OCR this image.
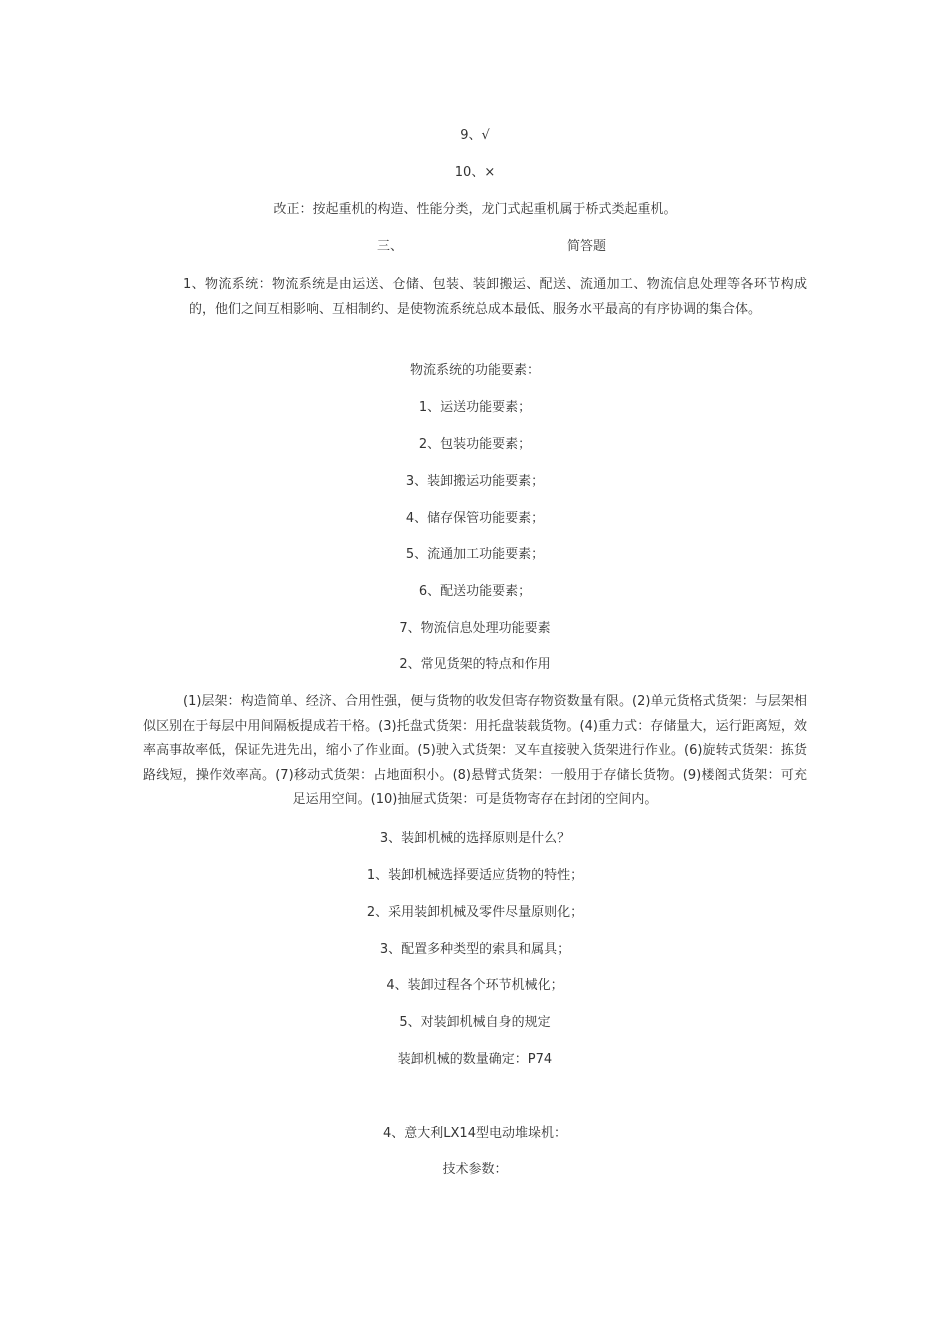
9、√
10、×
改正：按起重机的构造、性能分类，龙门式起重机属于桥式类起重机。
三、	简答题
1、物流系统：物流系统是由运送、仓储、包装、装卸搬运、配送、流通加工、物流信息处理等各环节构成的，他们之间互相影响、互相制约、是使物流系统总成本最低、服务水平最高的有序协调的集合体。
物流系统的功能要素：
1、运送功能要素；
2、包装功能要素；
3、装卸搬运功能要素；
4、储存保管功能要素；
5、流通加工功能要素；
6、配送功能要素；
7、物流信息处理功能要素
2、常见货架的特点和作用
(1)层架：构造简单、经济、合用性强，便与货物的收发但寄存物资数量有限。(2)单元货格式货架：与层架相似区别在于每层中用间隔板提成若干格。(3)托盘式货架：用托盘装载货物。(4)重力式：存储量大，运行距离短，效率高事故率低，保证先进先出，缩小了作业面。(5)驶入式货架：叉车直接驶入货架进行作业。(6)旋转式货架：拣货路线短，操作效率高。(7)移动式货架：占地面积小。(8)悬臂式货架：一般用于存储长货物。(9)楼阁式货架：可充足运用空间。(10)抽屉式货架：可是货物寄存在封闭的空间内。
3、装卸机械的选择原则是什么？
1、装卸机械选择要适应货物的特性；
2、采用装卸机械及零件尽量原则化；
3、配置多种类型的索具和属具；
4、装卸过程各个环节机械化；
5、对装卸机械自身的规定
装卸机械的数量确定：P74
4、意大利LX14型电动堆垛机：
技术参数：
